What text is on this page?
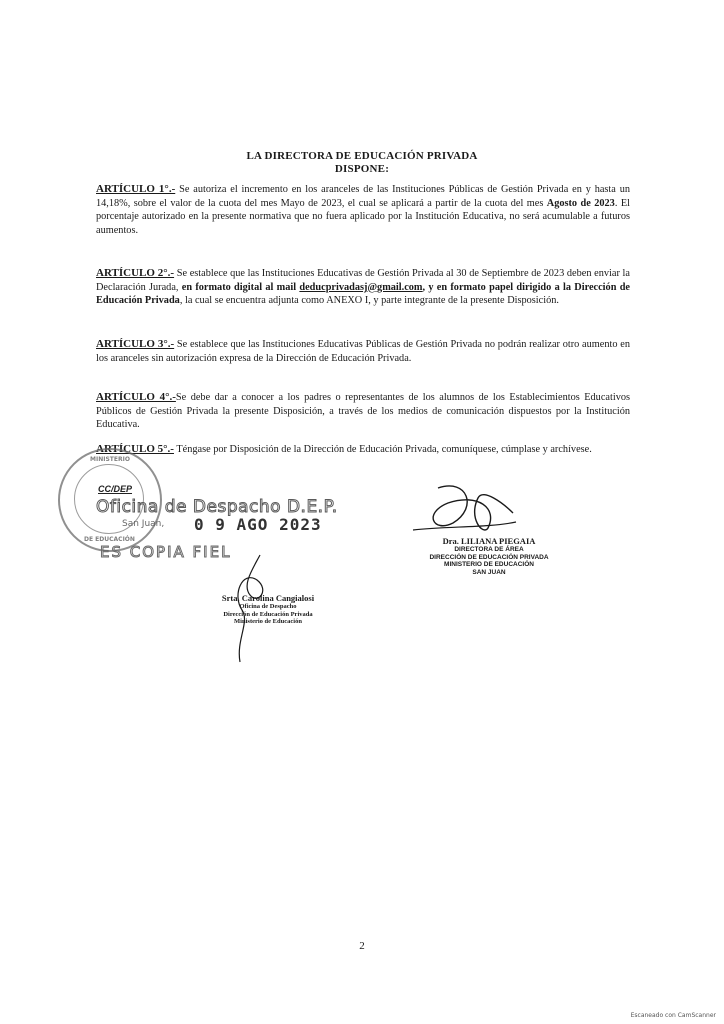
LA DIRECTORA DE EDUCACIÓN PRIVADA
DISPONE:
ARTÍCULO 1°.- Se autoriza el incremento en los aranceles de las Instituciones Públicas de Gestión Privada en y hasta un 14,18%, sobre el valor de la cuota del mes Mayo de 2023, el cual se aplicará a partir de la cuota del mes Agosto de 2023. El porcentaje autorizado en la presente normativa que no fuera aplicado por la Institución Educativa, no será acumulable a futuros aumentos.
ARTÍCULO 2°.- Se establece que las Instituciones Educativas de Gestión Privada al 30 de Septiembre de 2023 deben enviar la Declaración Jurada, en formato digital al mail deducprivadasj@gmail.com, y en formato papel dirigido a la Dirección de Educación Privada, la cual se encuentra adjunta como ANEXO I, y parte integrante de la presente Disposición.
ARTÍCULO 3°.- Se establece que las Instituciones Educativas Públicas de Gestión Privada no podrán realizar otro aumento en los aranceles sin autorización expresa de la Dirección de Educación Privada.
ARTÍCULO 4°.-Se debe dar a conocer a los padres o representantes de los alumnos de los Establecimientos Educativos Públicos de Gestión Privada la presente Disposición, a través de los medios de comunicación dispuestos por la Institución Educativa.
ARTÍCULO 5°.- Téngase por Disposición de la Dirección de Educación Privada, comuníquese, cúmplase y archívese.
MINISTERIO
DE EDUCACIÓN
CC/DEP
Oficina de Despacho D.E.P.
San Juan, 0 9 AGO 2023
ES COPIA FIEL
Dra. LILIANA PIEGAIA
DIRECTORA DE ÁREA
DIRECCIÓN DE EDUCACIÓN PRIVADA
MINISTERIO DE EDUCACIÓN
SAN JUAN
Srta. Carolina Cangialosi
Oficina de Despacho
Dirección de Educación Privada
Ministerio de Educación
2
Escaneado con CamScanner
